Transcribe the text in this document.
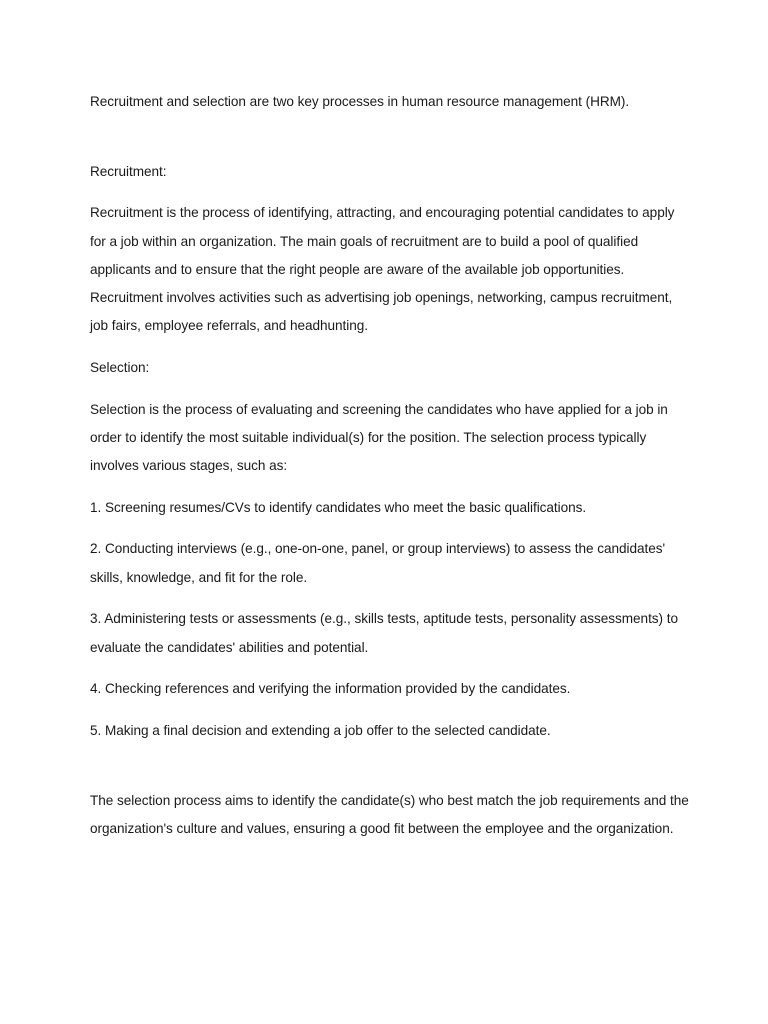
Recruitment and selection are two key processes in human resource management (HRM).

Recruitment:

Recruitment is the process of identifying, attracting, and encouraging potential candidates to apply for a job within an organization. The main goals of recruitment are to build a pool of qualified applicants and to ensure that the right people are aware of the available job opportunities. Recruitment involves activities such as advertising job openings, networking, campus recruitment, job fairs, employee referrals, and headhunting.

Selection:

Selection is the process of evaluating and screening the candidates who have applied for a job in order to identify the most suitable individual(s) for the position. The selection process typically involves various stages, such as:

1. Screening resumes/CVs to identify candidates who meet the basic qualifications.

2. Conducting interviews (e.g., one-on-one, panel, or group interviews) to assess the candidates' skills, knowledge, and fit for the role.

3. Administering tests or assessments (e.g., skills tests, aptitude tests, personality assessments) to evaluate the candidates' abilities and potential.

4. Checking references and verifying the information provided by the candidates.

5. Making a final decision and extending a job offer to the selected candidate.

The selection process aims to identify the candidate(s) who best match the job requirements and the organization's culture and values, ensuring a good fit between the employee and the organization.
